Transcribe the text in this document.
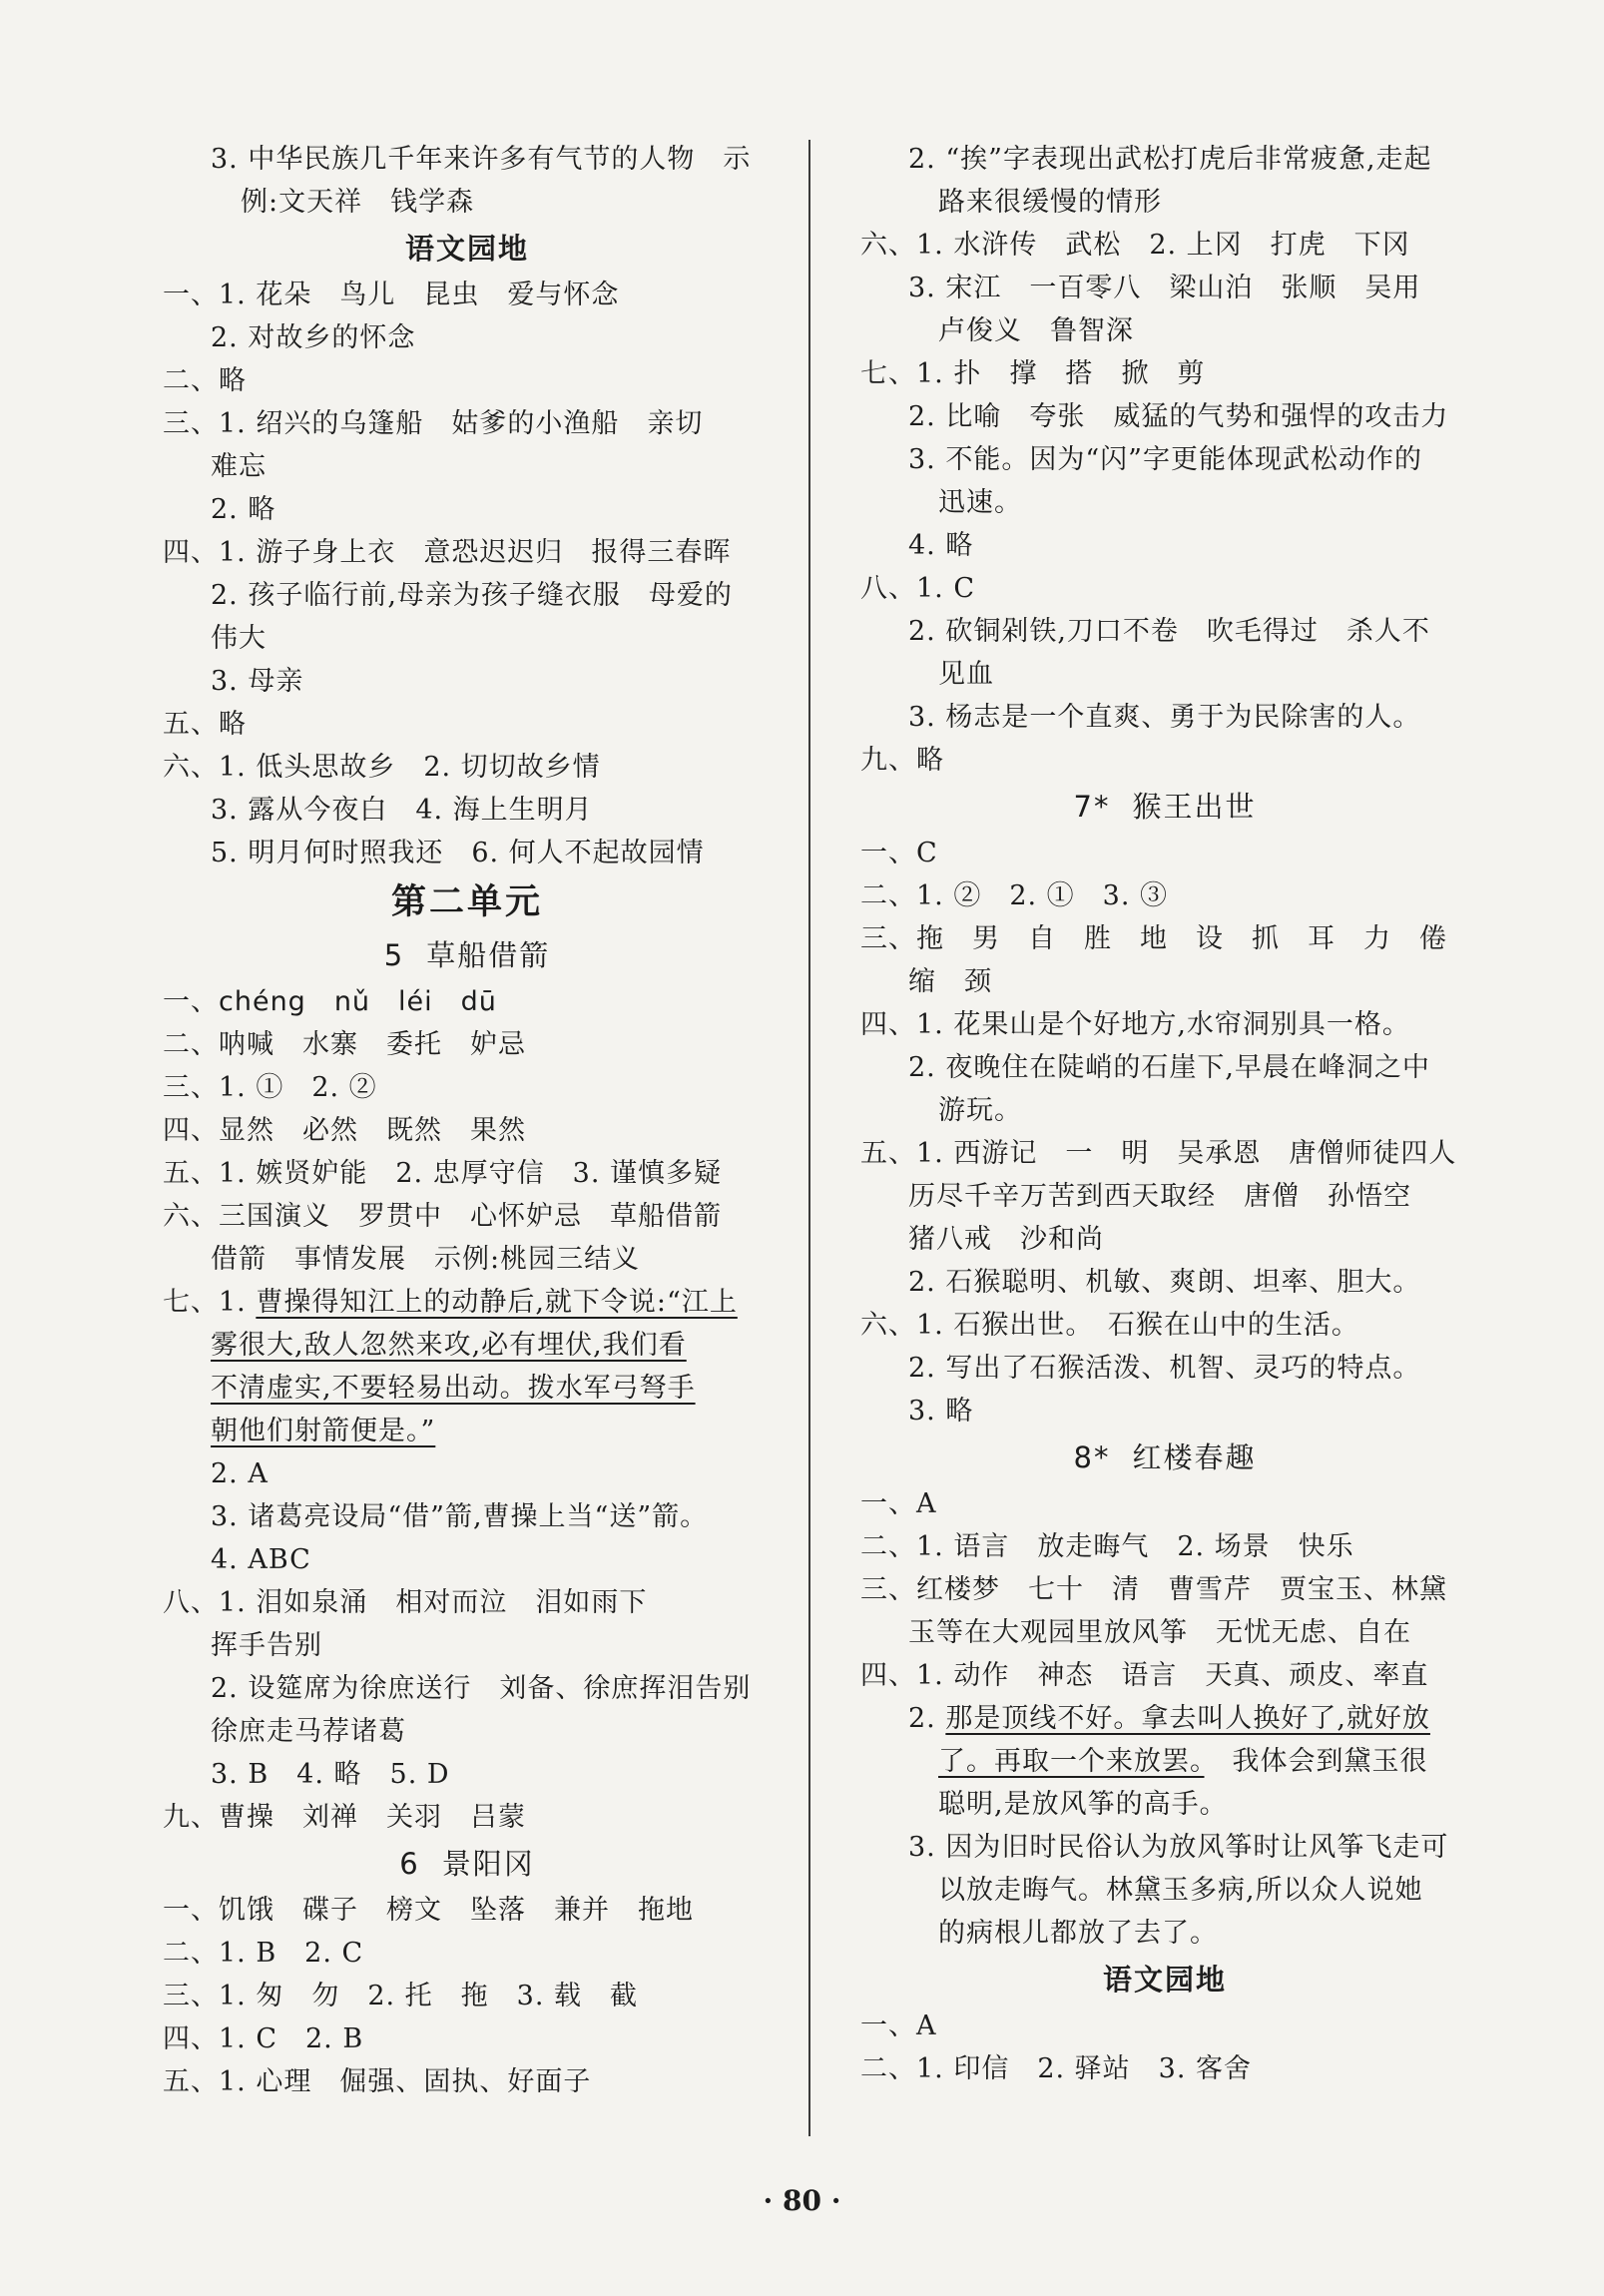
3. 中华民族几千年来许多有气节的人物　示
例:文天祥　钱学森
语文园地
一、1. 花朵　鸟儿　昆虫　爱与怀念
2. 对故乡的怀念
二、略
三、1. 绍兴的乌篷船　姑爹的小渔船　亲切
难忘
2. 略
四、1. 游子身上衣　意恐迟迟归　报得三春晖
2. 孩子临行前,母亲为孩子缝衣服　母爱的
伟大
3. 母亲
五、略
六、1. 低头思故乡　2. 切切故乡情
3. 露从今夜白　4. 海上生明月
5. 明月何时照我还　6. 何人不起故园情
第二单元
5 草船借箭
一、chéng　nǔ　léi　dū
二、呐喊　水寨　委托　妒忌
三、1. ①　2. ②
四、显然　必然　既然　果然
五、1. 嫉贤妒能　2. 忠厚守信　3. 谨慎多疑
六、三国演义　罗贯中　心怀妒忌　草船借箭
借箭　事情发展　示例:桃园三结义
七、1. 曹操得知江上的动静后,就下令说:“江上
雾很大,敌人忽然来攻,必有埋伏,我们看
不清虚实,不要轻易出动。拨水军弓弩手
朝他们射箭便是。”
2. A
3. 诸葛亮设局“借”箭,曹操上当“送”箭。
4. ABC
八、1. 泪如泉涌　相对而泣　泪如雨下
挥手告别
2. 设筵席为徐庶送行　刘备、徐庶挥泪告别
徐庶走马荐诸葛
3. B　4. 略　5. D
九、曹操　刘禅　关羽　吕蒙
6 景阳冈
一、饥饿　碟子　榜文　坠落　兼并　拖地
二、1. B　2. C
三、1. 匆　勿　2. 托　拖　3. 载　截
四、1. C　2. B
五、1. 心理　倔强、固执、好面子
2. “挨”字表现出武松打虎后非常疲惫,走起
路来很缓慢的情形
六、1. 水浒传　武松　2. 上冈　打虎　下冈
3. 宋江　一百零八　梁山泊　张顺　吴用
卢俊义　鲁智深
七、1. 扑　撑　搭　掀　剪
2. 比喻　夸张　威猛的气势和强悍的攻击力
3. 不能。因为“闪”字更能体现武松动作的
迅速。
4. 略
八、1. C
2. 砍铜剁铁,刀口不卷　吹毛得过　杀人不
见血
3. 杨志是一个直爽、勇于为民除害的人。
九、略
7* 猴王出世
一、C
二、1. ②　2. ①　3. ③
三、拖　男　自　胜　地　设　抓　耳　力　倦
缩　颈
四、1. 花果山是个好地方,水帘洞别具一格。
2. 夜晚住在陡峭的石崖下,早晨在峰洞之中
游玩。
五、1. 西游记　一　明　吴承恩　唐僧师徒四人
历尽千辛万苦到西天取经　唐僧　孙悟空
猪八戒　沙和尚
2. 石猴聪明、机敏、爽朗、坦率、胆大。
六、1. 石猴出世。　石猴在山中的生活。
2. 写出了石猴活泼、机智、灵巧的特点。
3. 略
8* 红楼春趣
一、A
二、1. 语言　放走晦气　2. 场景　快乐
三、红楼梦　七十　清　曹雪芹　贾宝玉、林黛
玉等在大观园里放风筝　无忧无虑、自在
四、1. 动作　神态　语言　天真、顽皮、率直
2. 那是顶线不好。拿去叫人换好了,就好放
了。再取一个来放罢。　我体会到黛玉很
聪明,是放风筝的高手。
3. 因为旧时民俗认为放风筝时让风筝飞走可
以放走晦气。林黛玉多病,所以众人说她
的病根儿都放了去了。
语文园地
一、A
二、1. 印信　2. 驿站　3. 客舍
· 80 ·
